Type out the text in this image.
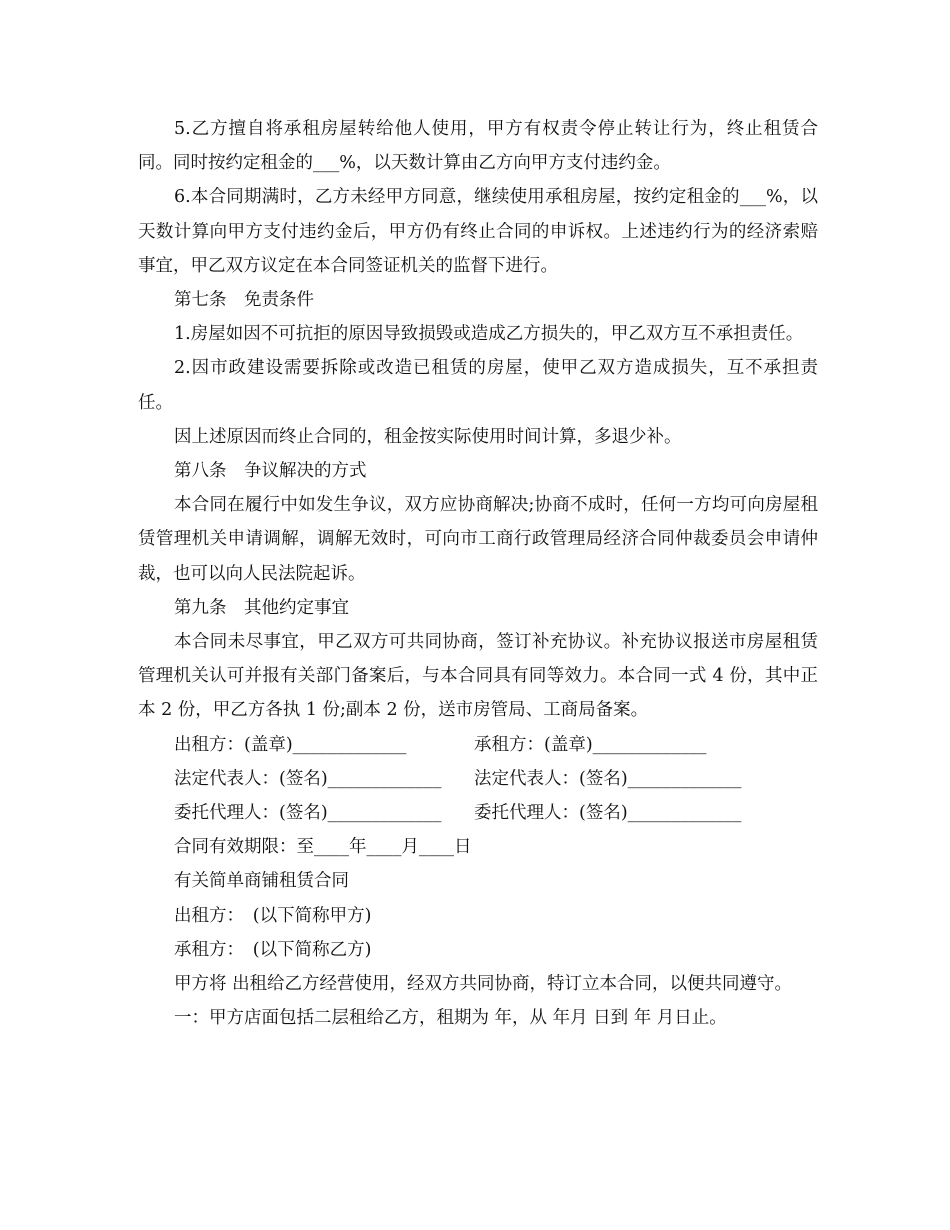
5.乙方擅自将承租房屋转给他人使用，甲方有权责令停止转让行为，终止租赁合同。同时按约定租金的___%，以天数计算由乙方向甲方支付违约金。

6.本合同期满时，乙方未经甲方同意，继续使用承租房屋，按约定租金的___%，以天数计算向甲方支付违约金后，甲方仍有终止合同的申诉权。上述违约行为的经济索赔事宜，甲乙双方议定在本合同签证机关的监督下进行。

第七条　免责条件

1.房屋如因不可抗拒的原因导致损毁或造成乙方损失的，甲乙双方互不承担责任。

2.因市政建设需要拆除或改造已租赁的房屋，使甲乙双方造成损失，互不承担责任。

因上述原因而终止合同的，租金按实际使用时间计算，多退少补。

第八条　争议解决的方式

本合同在履行中如发生争议，双方应协商解决;协商不成时，任何一方均可向房屋租赁管理机关申请调解，调解无效时，可向市工商行政管理局经济合同仲裁委员会申请仲裁，也可以向人民法院起诉。

第九条　其他约定事宜

本合同未尽事宜，甲乙双方可共同协商，签订补充协议。补充协议报送市房屋租赁管理机关认可并报有关部门备案后，与本合同具有同等效力。本合同一式 4 份，其中正本 2 份，甲乙方各执 1 份;副本 2 份，送市房管局、工商局备案。

出租方：(盖章)_____________	承租方：(盖章)_____________
法定代表人：(签名)_____________	法定代表人：(签名)_____________
委托代理人：(签名)_____________	委托代理人：(签名)_____________

合同有效期限：至____年____月____日

有关简单商铺租赁合同

出租方：　(以下简称甲方)

承租方：　(以下简称乙方)

甲方将 出租给乙方经营使用，经双方共同协商，特订立本合同，以便共同遵守。

一：甲方店面包括二层租给乙方，租期为 年，从 年月 日到 年 月日止。
